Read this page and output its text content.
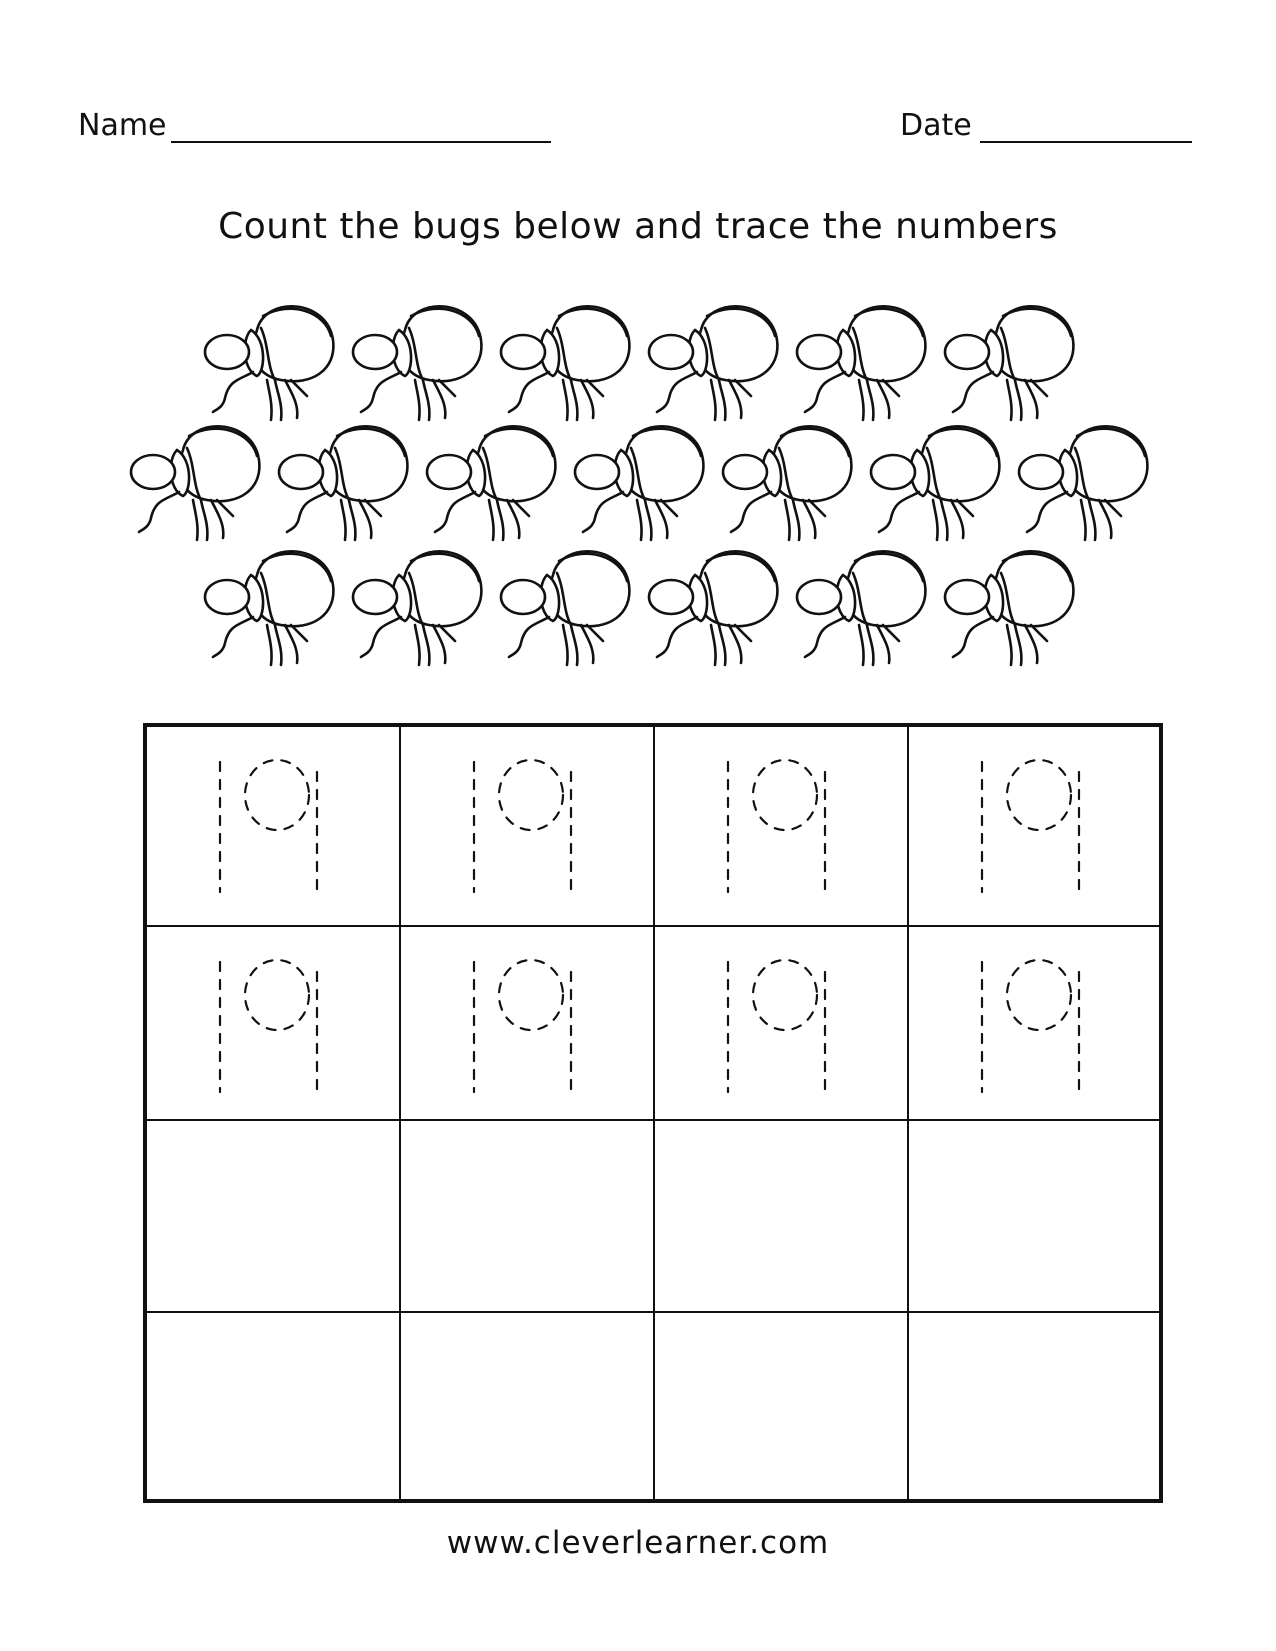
Name	Date
Count the bugs below and trace the numbers
www.cleverlearner.com
